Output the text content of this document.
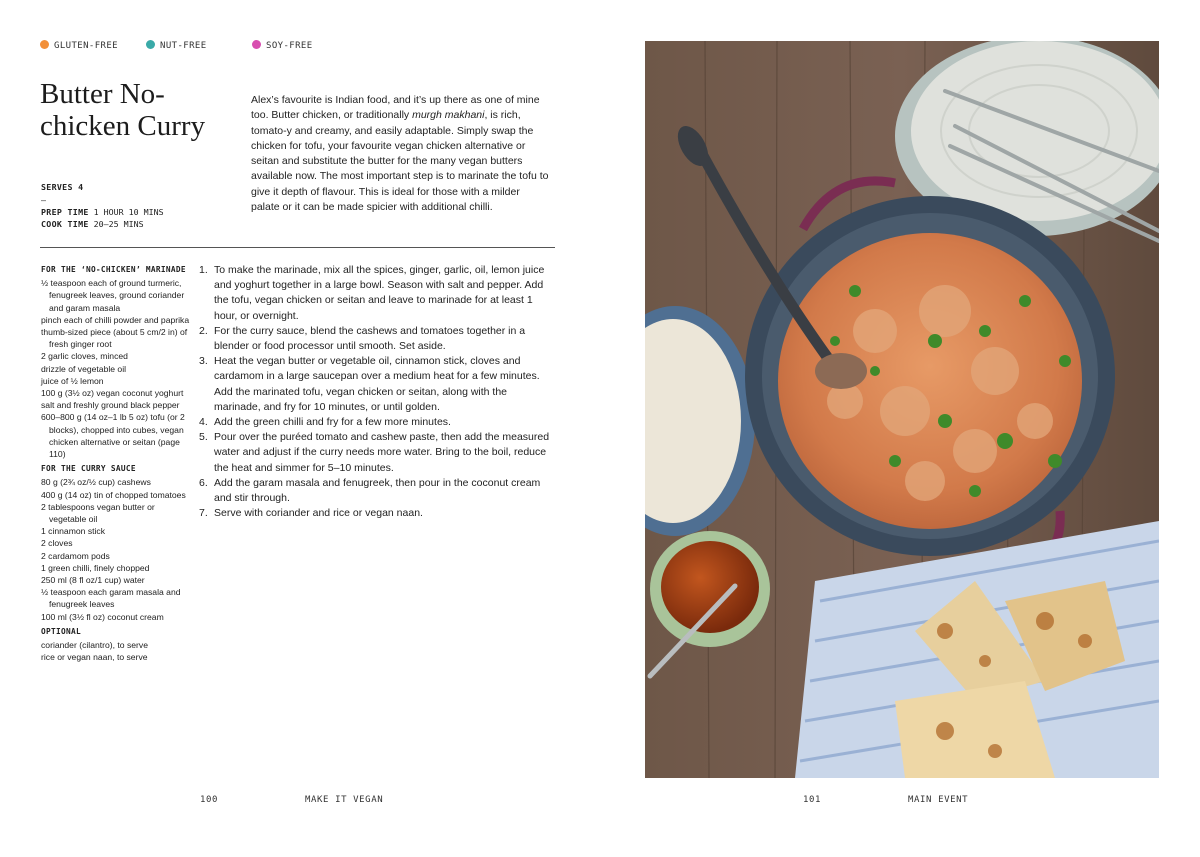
GLUTEN-FREE	NUT-FREE	SOY-FREE
Butter No-
chicken Curry
Alex’s favourite is Indian food, and it’s up there as one of mine too. Butter chicken, or traditionally murgh makhani, is rich, tomato-y and creamy, and easily adaptable. Simply swap the chicken for tofu, your favourite vegan chicken alternative or seitan and substitute the butter for the many vegan butters available now. The most important step is to marinate the tofu to give it depth of flavour. This is ideal for those with a milder palate or it can be made spicier with additional chilli.
SERVES 4
–
PREP TIME 1 HOUR 10 MINS
COOK TIME 20–25 MINS
FOR THE ‘NO-CHICKEN’ MARINADE

½ teaspoon each of ground turmeric, fenugreek leaves, ground coriander and garam masala

pinch each of chilli powder and paprika

thumb-sized piece (about 5 cm/2 in) of fresh ginger root

2 garlic cloves, minced

drizzle of vegetable oil

juice of ½ lemon

100 g (3½ oz) vegan coconut yoghurt

salt and freshly ground black pepper

600–800 g (14 oz–1 lb 5 oz) tofu (or 2 blocks), chopped into cubes, vegan chicken alternative or seitan (page 110)

FOR THE CURRY SAUCE

80 g (2¾ oz/½ cup) cashews

400 g (14 oz) tin of chopped tomatoes

2 tablespoons vegan butter or vegetable oil

1 cinnamon stick

2 cloves

2 cardamom pods

1 green chilli, finely chopped

250 ml (8 fl oz/1 cup) water

½ teaspoon each garam masala and fenugreek leaves

100 ml (3½ fl oz) coconut cream

OPTIONAL

coriander (cilantro), to serve

rice or vegan naan, to serve

1. To make the marinade, mix all the spices, ginger, garlic, oil, lemon juice and yoghurt together in a large bowl. Season with salt and pepper. Add the tofu, vegan chicken or seitan and leave to marinade for at least 1 hour, or overnight.
2. For the curry sauce, blend the cashews and tomatoes together in a blender or food processor until smooth. Set aside.
3. Heat the vegan butter or vegetable oil, cinnamon stick, cloves and cardamom in a large saucepan over a medium heat for a few minutes. Add the marinated tofu, vegan chicken or seitan, along with the marinade, and fry for 10 minutes, or until golden.
4. Add the green chilli and fry for a few more minutes.
5. Pour over the puréed tomato and cashew paste, then add the measured water and adjust if the curry needs more water. Bring to the boil, reduce the heat and simmer for 5–10 minutes.
6. Add the garam masala and fenugreek, then pour in the coconut cream and stir through.
7. Serve with coriander and rice or vegan naan.
100	MAKE IT VEGAN	101	MAIN EVENT
